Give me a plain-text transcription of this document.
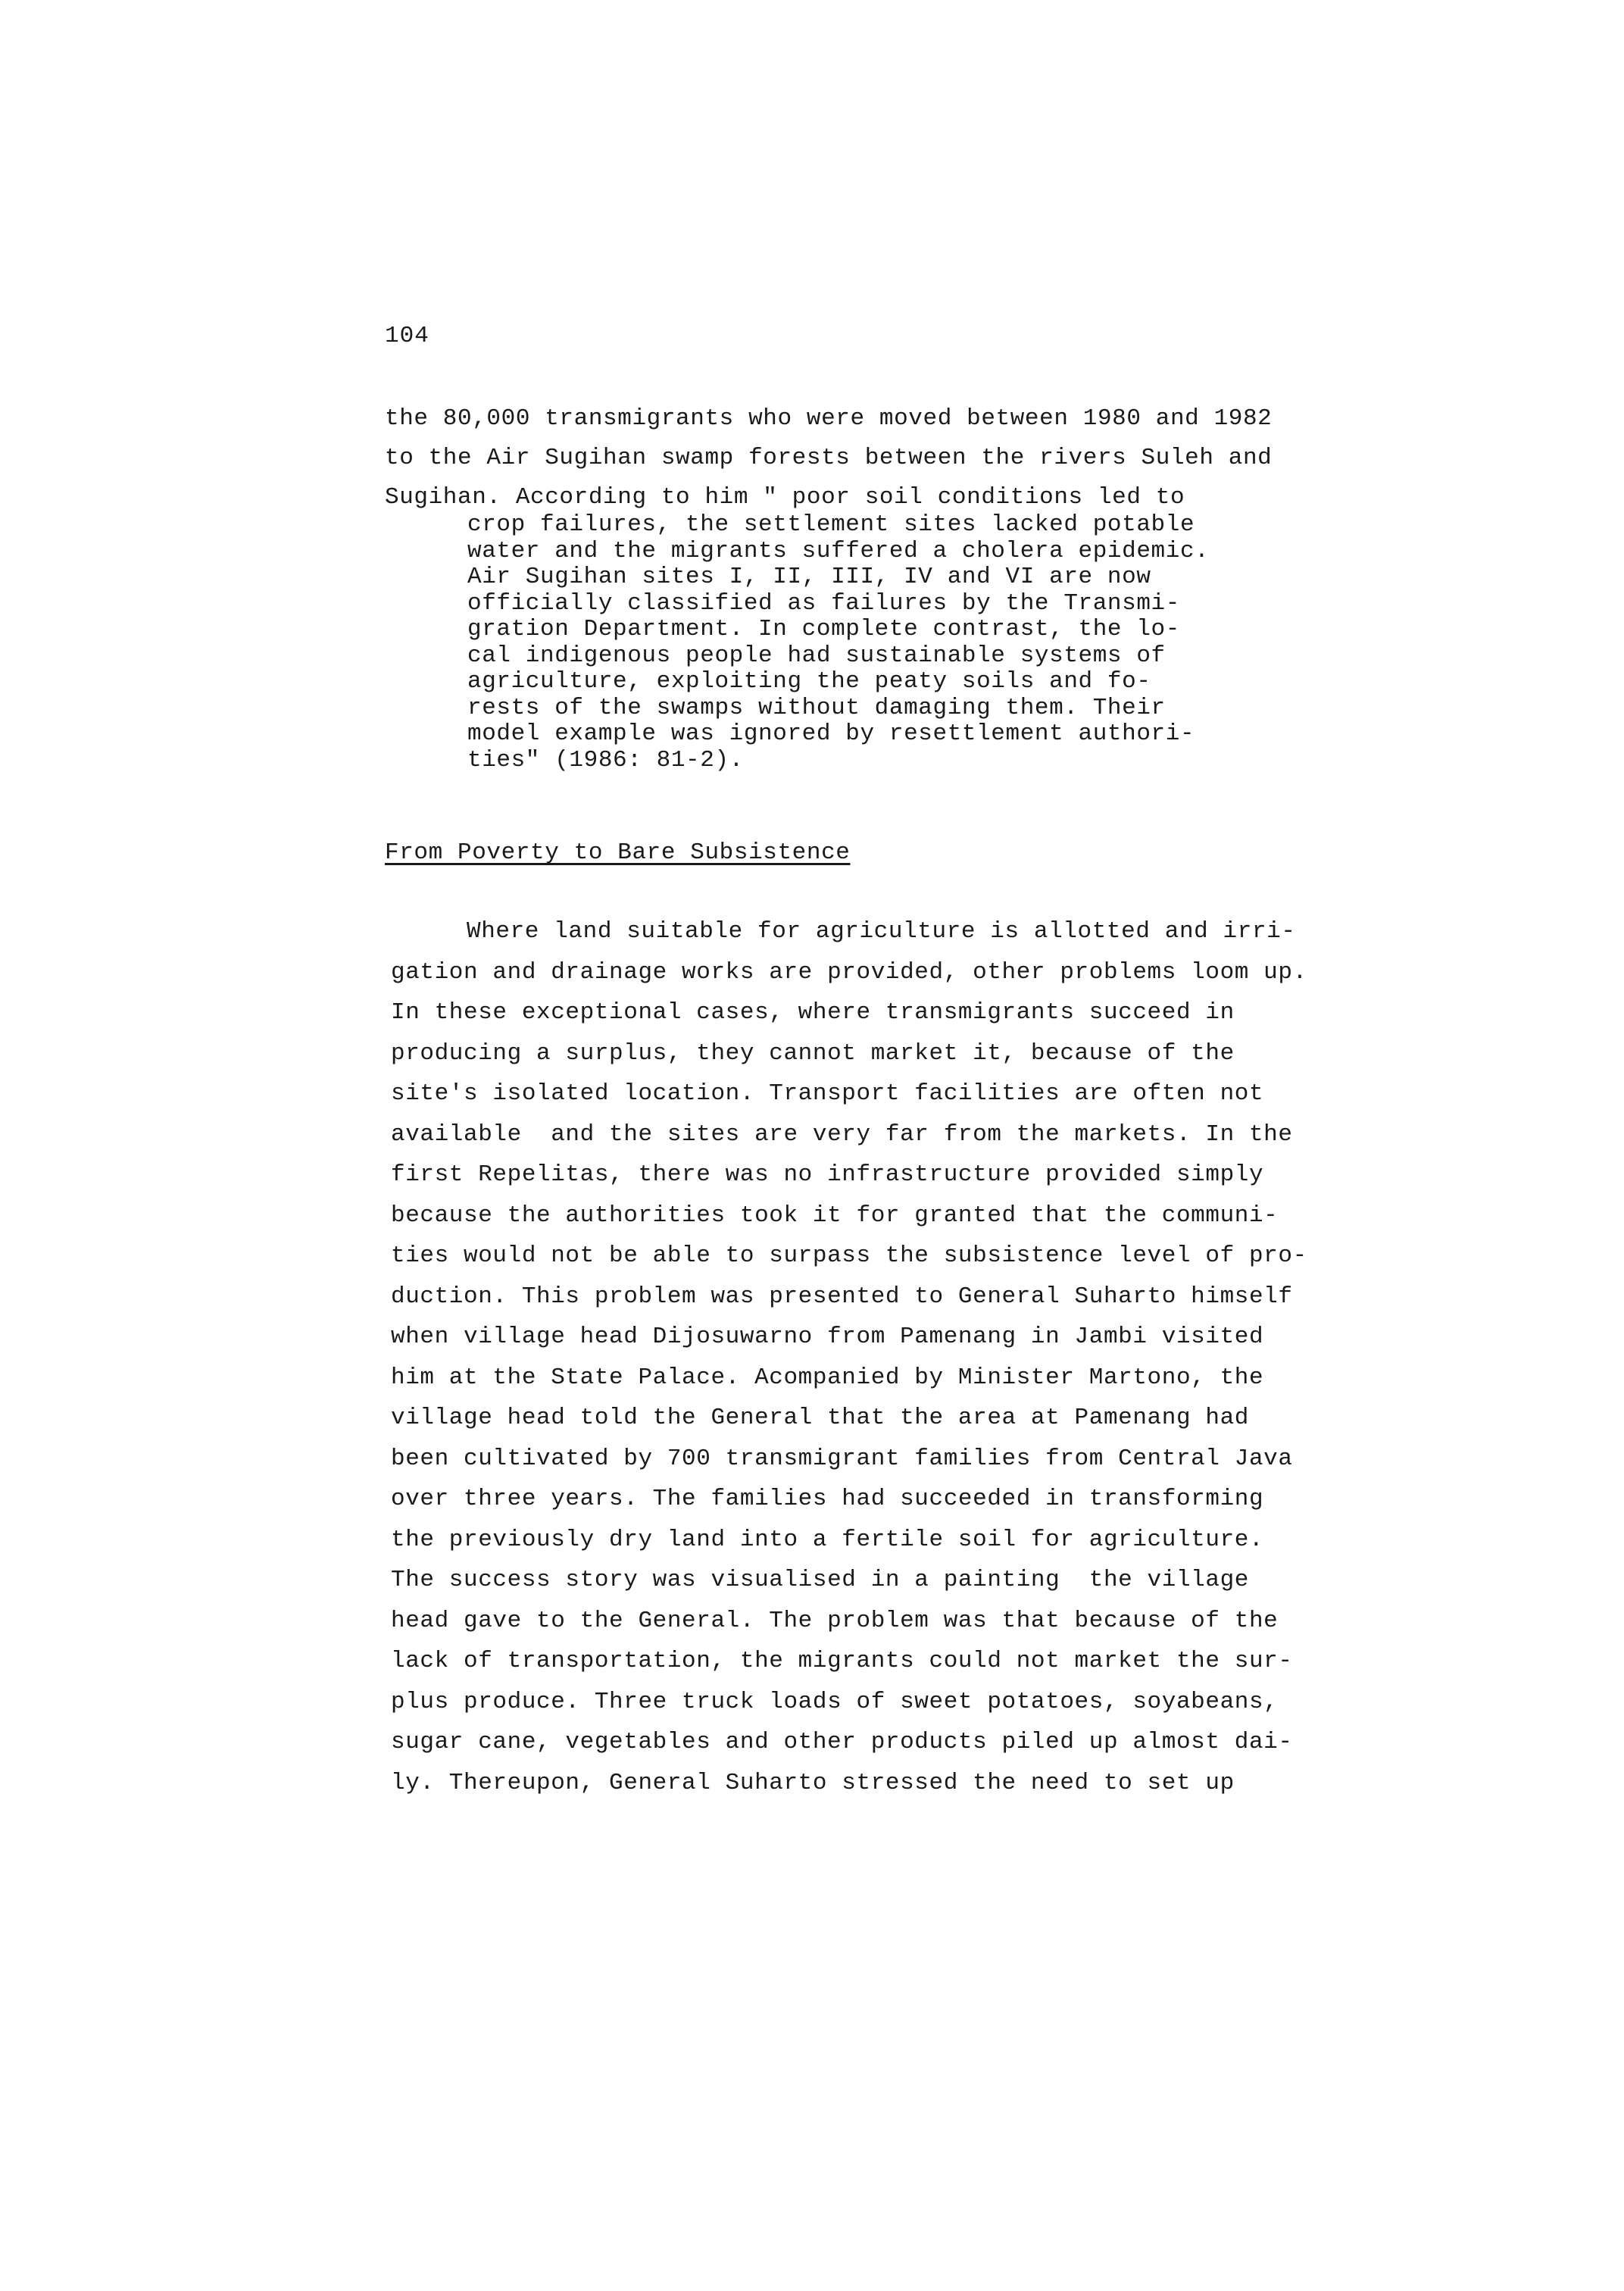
104
the 80,000 transmigrants who were moved between 1980 and 1982
to the Air Sugihan swamp forests between the rivers Suleh and
Sugihan. According to him " poor soil conditions led to
crop failures, the settlement sites lacked potable
water and the migrants suffered a cholera epidemic.
Air Sugihan sites I, II, III, IV and VI are now
officially classified as failures by the Transmi-
gration Department. In complete contrast, the lo-
cal indigenous people had sustainable systems of
agriculture, exploiting the peaty soils and fo-
rests of the swamps without damaging them. Their
model example was ignored by resettlement authori-
ties" (1986: 81-2).
From Poverty to Bare Subsistence
Where land suitable for agriculture is allotted and irri-
gation and drainage works are provided, other problems loom up.
In these exceptional cases, where transmigrants succeed in
producing a surplus, they cannot market it, because of the
site's isolated location. Transport facilities are often not
available  and the sites are very far from the markets. In the
first Repelitas, there was no infrastructure provided simply
because the authorities took it for granted that the communi-
ties would not be able to surpass the subsistence level of pro-
duction. This problem was presented to General Suharto himself
when village head Dijosuwarno from Pamenang in Jambi visited
him at the State Palace. Acompanied by Minister Martono, the
village head told the General that the area at Pamenang had
been cultivated by 700 transmigrant families from Central Java
over three years. The families had succeeded in transforming
the previously dry land into a fertile soil for agriculture.
The success story was visualised in a painting  the village
head gave to the General. The problem was that because of the
lack of transportation, the migrants could not market the sur-
plus produce. Three truck loads of sweet potatoes, soyabeans,
sugar cane, vegetables and other products piled up almost dai-
ly. Thereupon, General Suharto stressed the need to set up
